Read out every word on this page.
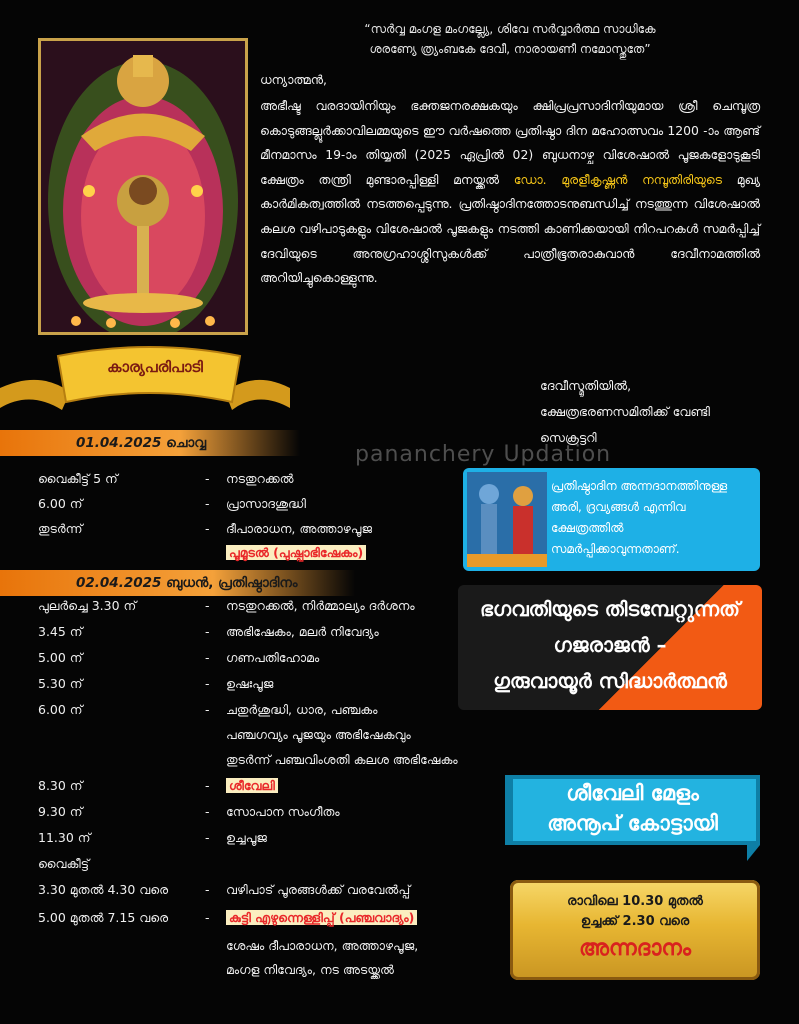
“സർവ്വ മംഗള മംഗല്ല്യേ, ശിവേ സർവ്വാർത്ഥ സാധികേ
ശരണ്യേ ത്ര്യംബകേ ദേവീ, നാരായണീ നമോസ്തുതേ”
ധന്യാത്മൻ,
അഭീഷ്ട വരദായിനിയും ഭക്തജനരക്ഷകയും ക്ഷിപ്രപ്രസാദിനിയുമായ ശ്രീ ചെമ്പൂത്ര കൊടുങ്ങല്ലൂർക്കാവിലമ്മയുടെ ഈ വർഷത്തെ പ്രതിഷ്ഠാ ദിന മഹോത്സവം 1200 -ാം ആണ്ട് മീനമാസം 19-ാം തിയ്യതി (2025 ഏപ്രിൽ 02) ബുധനാഴ്ച വിശേഷാൽ പൂജകളോടുകൂടി ക്ഷേത്രം തന്ത്രി മുണ്ടാരപ്പിള്ളി മനയ്ക്കൽ ഡോ. മുരളീകൃഷ്ണൻ നമ്പൂതിരിയുടെ മുഖ്യ കാർമികത്വത്തിൽ നടത്തപ്പെടുന്നു. പ്രതിഷ്ഠാദിനത്തോടനുബന്ധിച്ച് നടത്തുന്ന വിശേഷാൽ കലശ വഴിപാടുകളും വിശേഷാൽ പൂജകളും നടത്തി കാണിക്കയായി നിറപറകൾ സമർപ്പിച്ച് ദേവിയുടെ അനുഗ്രഹാശ്ശിസുകൾക്ക് പാത്രീഭൂതരാകുവാൻ ദേവീനാമത്തിൽ അറിയിച്ചുകൊള്ളുന്നു.
ദേവീസ്മൃതിയിൽ,
ക്ഷേത്രഭരണസമിതിക്ക് വേണ്ടി
സെക്രട്ടറി
pananchery Updation
കാര്യപരിപാടി
01.04.2025 ചൊവ്വ
വൈകീട്ട് 5 ന്	- നടതുറക്കൽ
6.00 ന്	- പ്രാസാദശുദ്ധി
തുടർന്ന്	- ദീപാരാധന, അത്താഴപൂജ
പൂമൂടൽ (പുഷ്പാഭിഷേകം)
02.04.2025 ബുധൻ, പ്രതിഷ്ഠാദിനം
പുലർച്ചെ 3.30 ന്	- നടതുറക്കൽ, നിർമ്മാല്യം ദർശനം
3.45 ന്	- അഭിഷേകം, മലർ നിവേദ്യം
5.00 ന്	- ഗണപതിഹോമം
5.30 ന്	- ഉഷഃപൂജ
6.00 ന്	- ചതുർശുദ്ധി, ധാര, പഞ്ചകം
പഞ്ചഗവ്യം പൂജയും അഭിഷേകവും
തുടർന്ന് പഞ്ചവിംശതി കലശ അഭിഷേകം
8.30 ന്	- ശീവേലി
9.30 ന്	- സോപാന സംഗീതം
11.30 ന്	- ഉച്ചപൂജ
വൈകീട്ട്
3.30 മുതൽ 4.30 വരെ	- വഴിപാട് പൂരങ്ങൾക്ക് വരവേൽപ്പ്
5.00 മുതൽ 7.15 വരെ	- കുട്ടി എഴുന്നെള്ളിപ്പ് (പഞ്ചവാദ്യം)
ശേഷം ദീപാരാധന, അത്താഴപൂജ,
മംഗള നിവേദ്യം, നട അടയ്ക്കൽ
പ്രതിഷ്ഠാദിന അന്നദാനത്തിനുള്ള
അരി, ദ്രവ്യങ്ങൾ എന്നിവ
ക്ഷേത്രത്തിൽ
സമർപ്പിക്കാവുന്നതാണ്.
ഭഗവതിയുടെ തിടമ്പേറ്റുന്നത്
ഗജരാജൻ –
ഗുരുവായൂർ സിദ്ധാർത്ഥൻ
ശീവേലി മേളം
അനൂപ് കോട്ടായി
രാവിലെ 10.30 മുതൽ
ഉച്ചക്ക് 2.30 വരെ
അന്നദാനം
